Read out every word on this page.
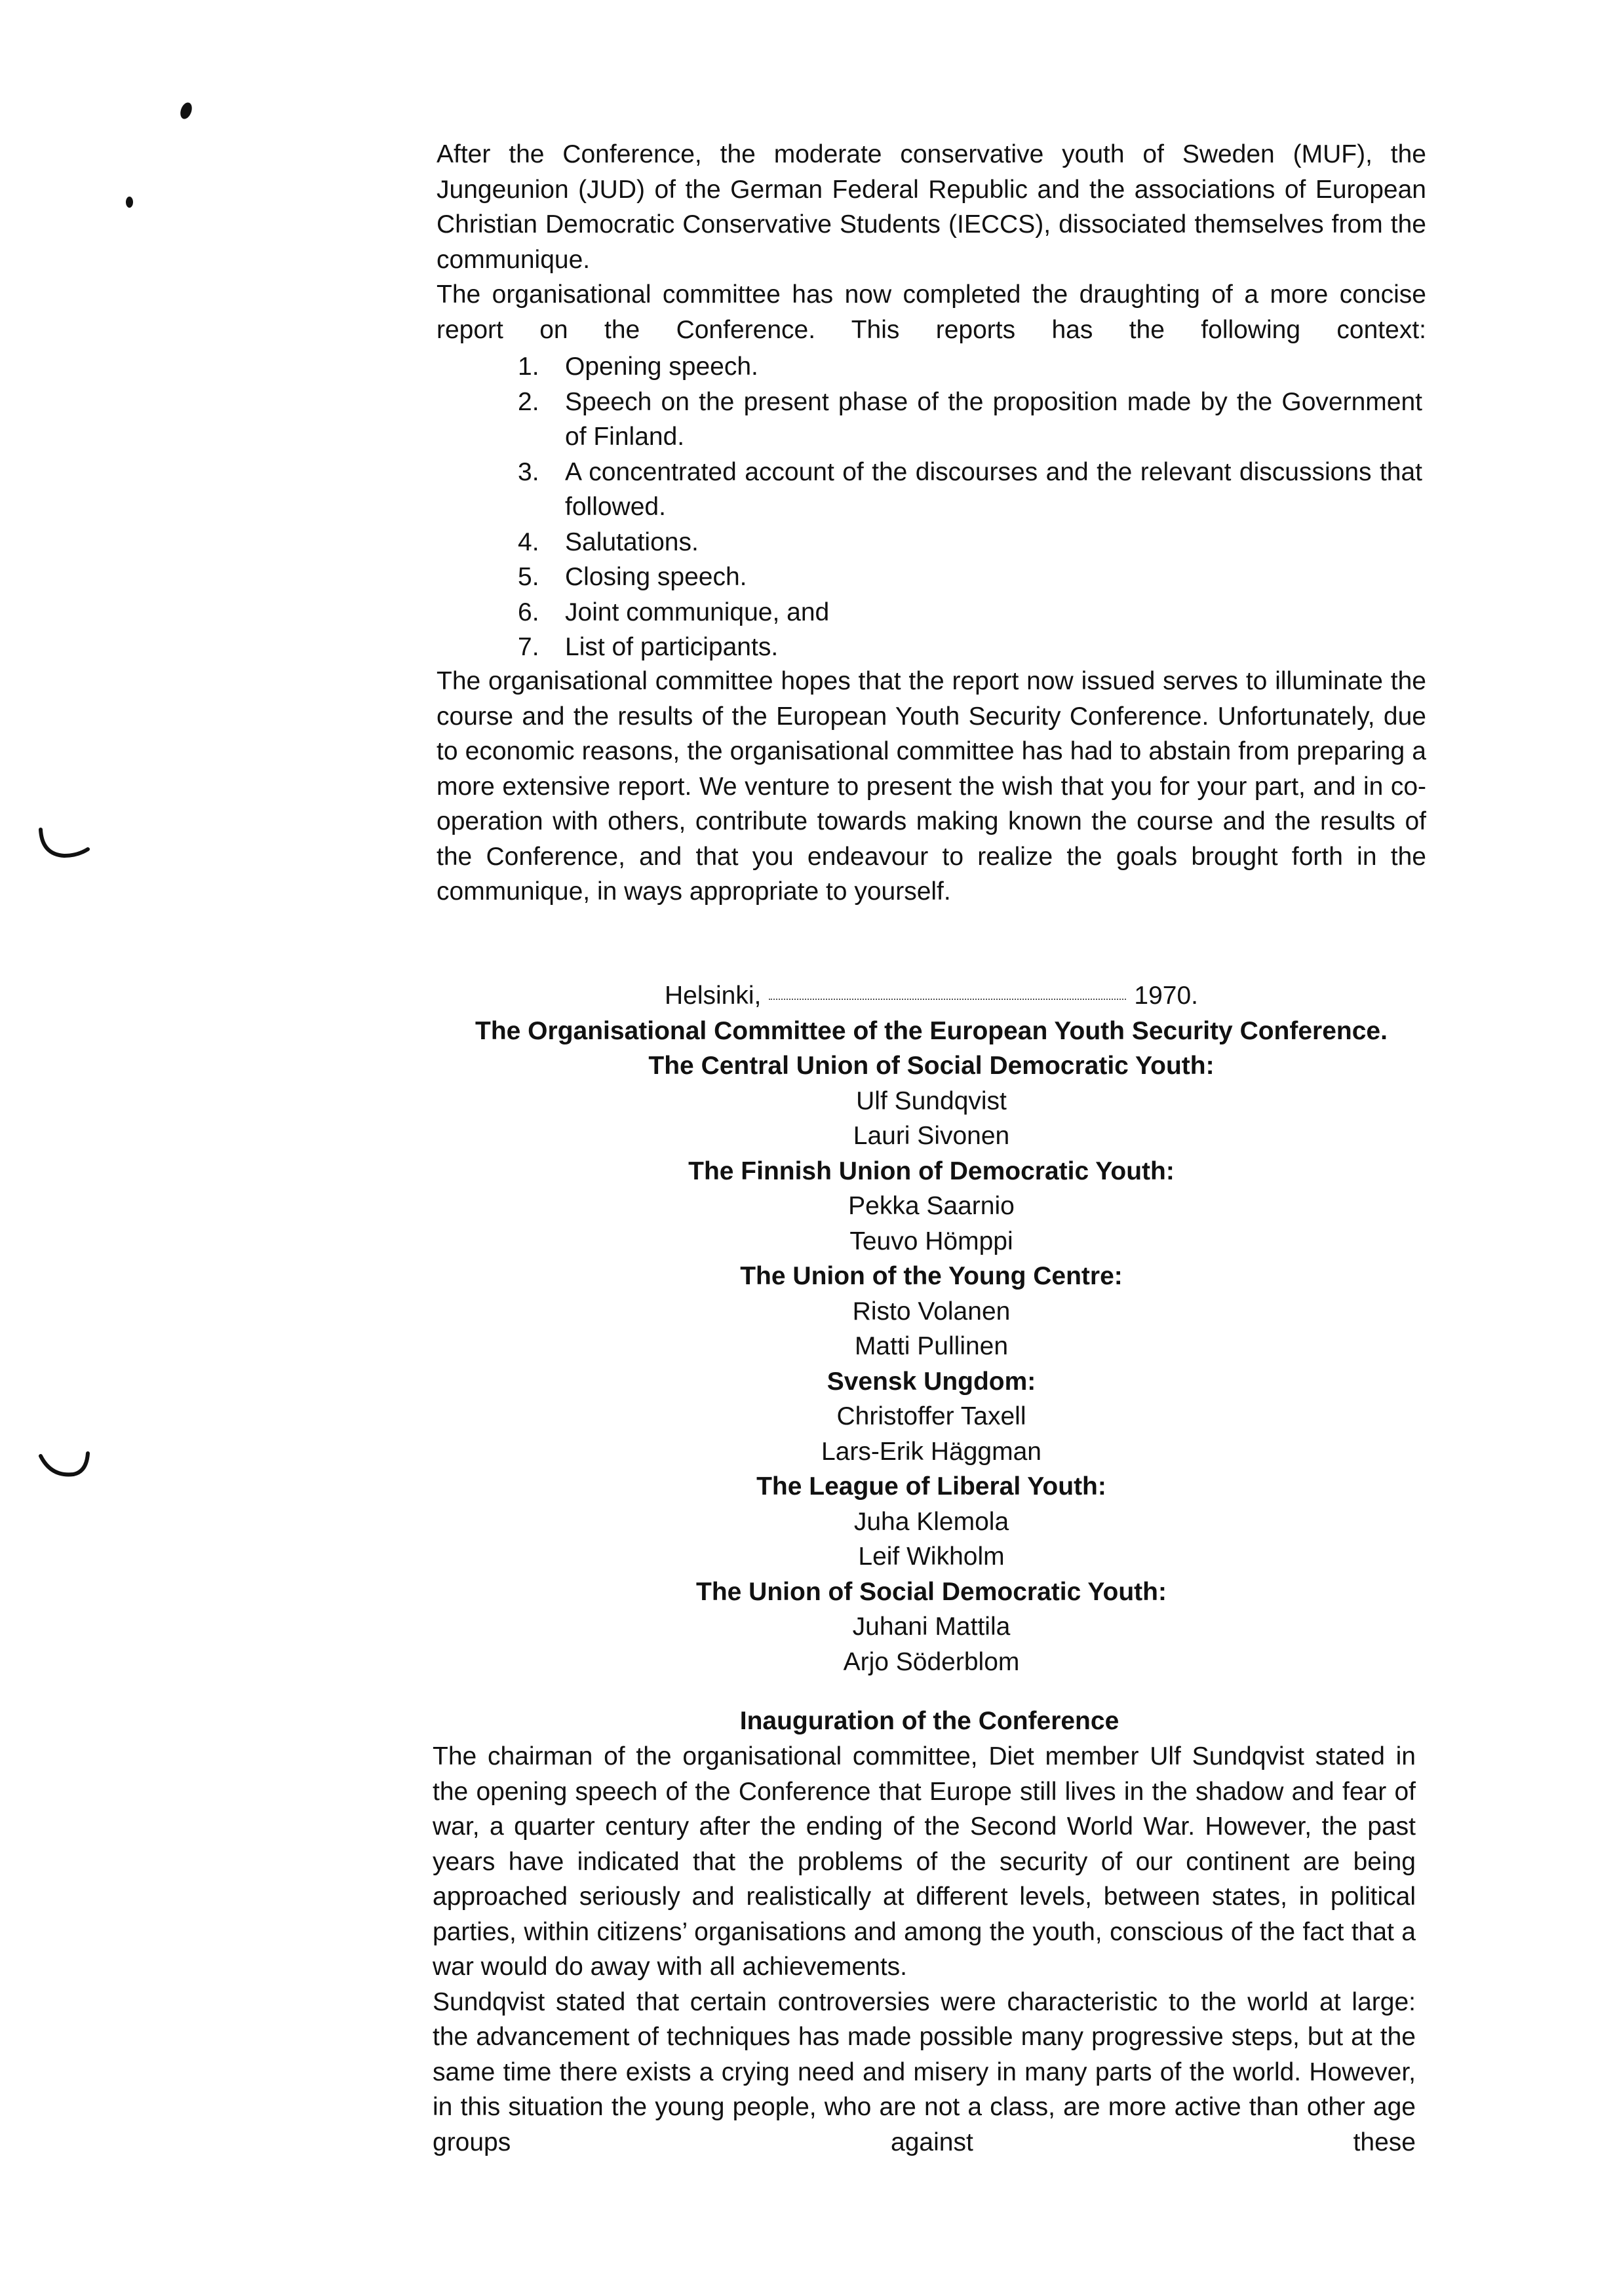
After the Conference, the moderate conservative youth of Sweden (MUF), the Jungeunion (JUD) of the German Federal Republic and the associations of European Christian Democratic Conservative Students (IECCS), dissociated themselves from the communique.

The organisational committee has now completed the draughting of a more concise report on the Conference. This reports has the following context:

1. Opening speech.
2. Speech on the present phase of the proposition made by the Government of Finland.
3. A concentrated account of the discourses and the relevant discussions that followed.
4. Salutations.
5. Closing speech.
6. Joint communique, and
7. List of participants.

The organisational committee hopes that the report now issued serves to illuminate the course and the results of the European Youth Security Conference. Unfortunately, due to economic reasons, the organisational committee has had to abstain from preparing a more extensive report. We venture to present the wish that you for your part, and in co-operation with others, contribute towards making known the course and the results of the Conference, and that you endeavour to realize the goals brought forth in the communique, in ways appropriate to yourself.

Helsinki,	1970.
The Organisational Committee of the European Youth Security Conference.
The Central Union of Social Democratic Youth:
Ulf Sundqvist
Lauri Sivonen
The Finnish Union of Democratic Youth:
Pekka Saarnio
Teuvo Hömppi
The Union of the Young Centre:
Risto Volanen
Matti Pullinen
Svensk Ungdom:
Christoffer Taxell
Lars-Erik Häggman
The League of Liberal Youth:
Juha Klemola
Leif Wikholm
The Union of Social Democratic Youth:
Juhani Mattila
Arjo Söderblom
Inauguration of the Conference

The chairman of the organisational committee, Diet member Ulf Sundqvist stated in the opening speech of the Conference that Europe still lives in the shadow and fear of war, a quarter century after the ending of the Second World War. However, the past years have indicated that the problems of the security of our continent are being approached seriously and realistically at different levels, between states, in political parties, within citizens’ organisations and among the youth, conscious of the fact that a war would do away with all achievements.

Sundqvist stated that certain controversies were characteristic to the world at large: the advancement of techniques has made possible many progressive steps, but at the same time there exists a crying need and misery in many parts of the world. However, in this situation the young people, who are not a class, are more active than other age groups against these
